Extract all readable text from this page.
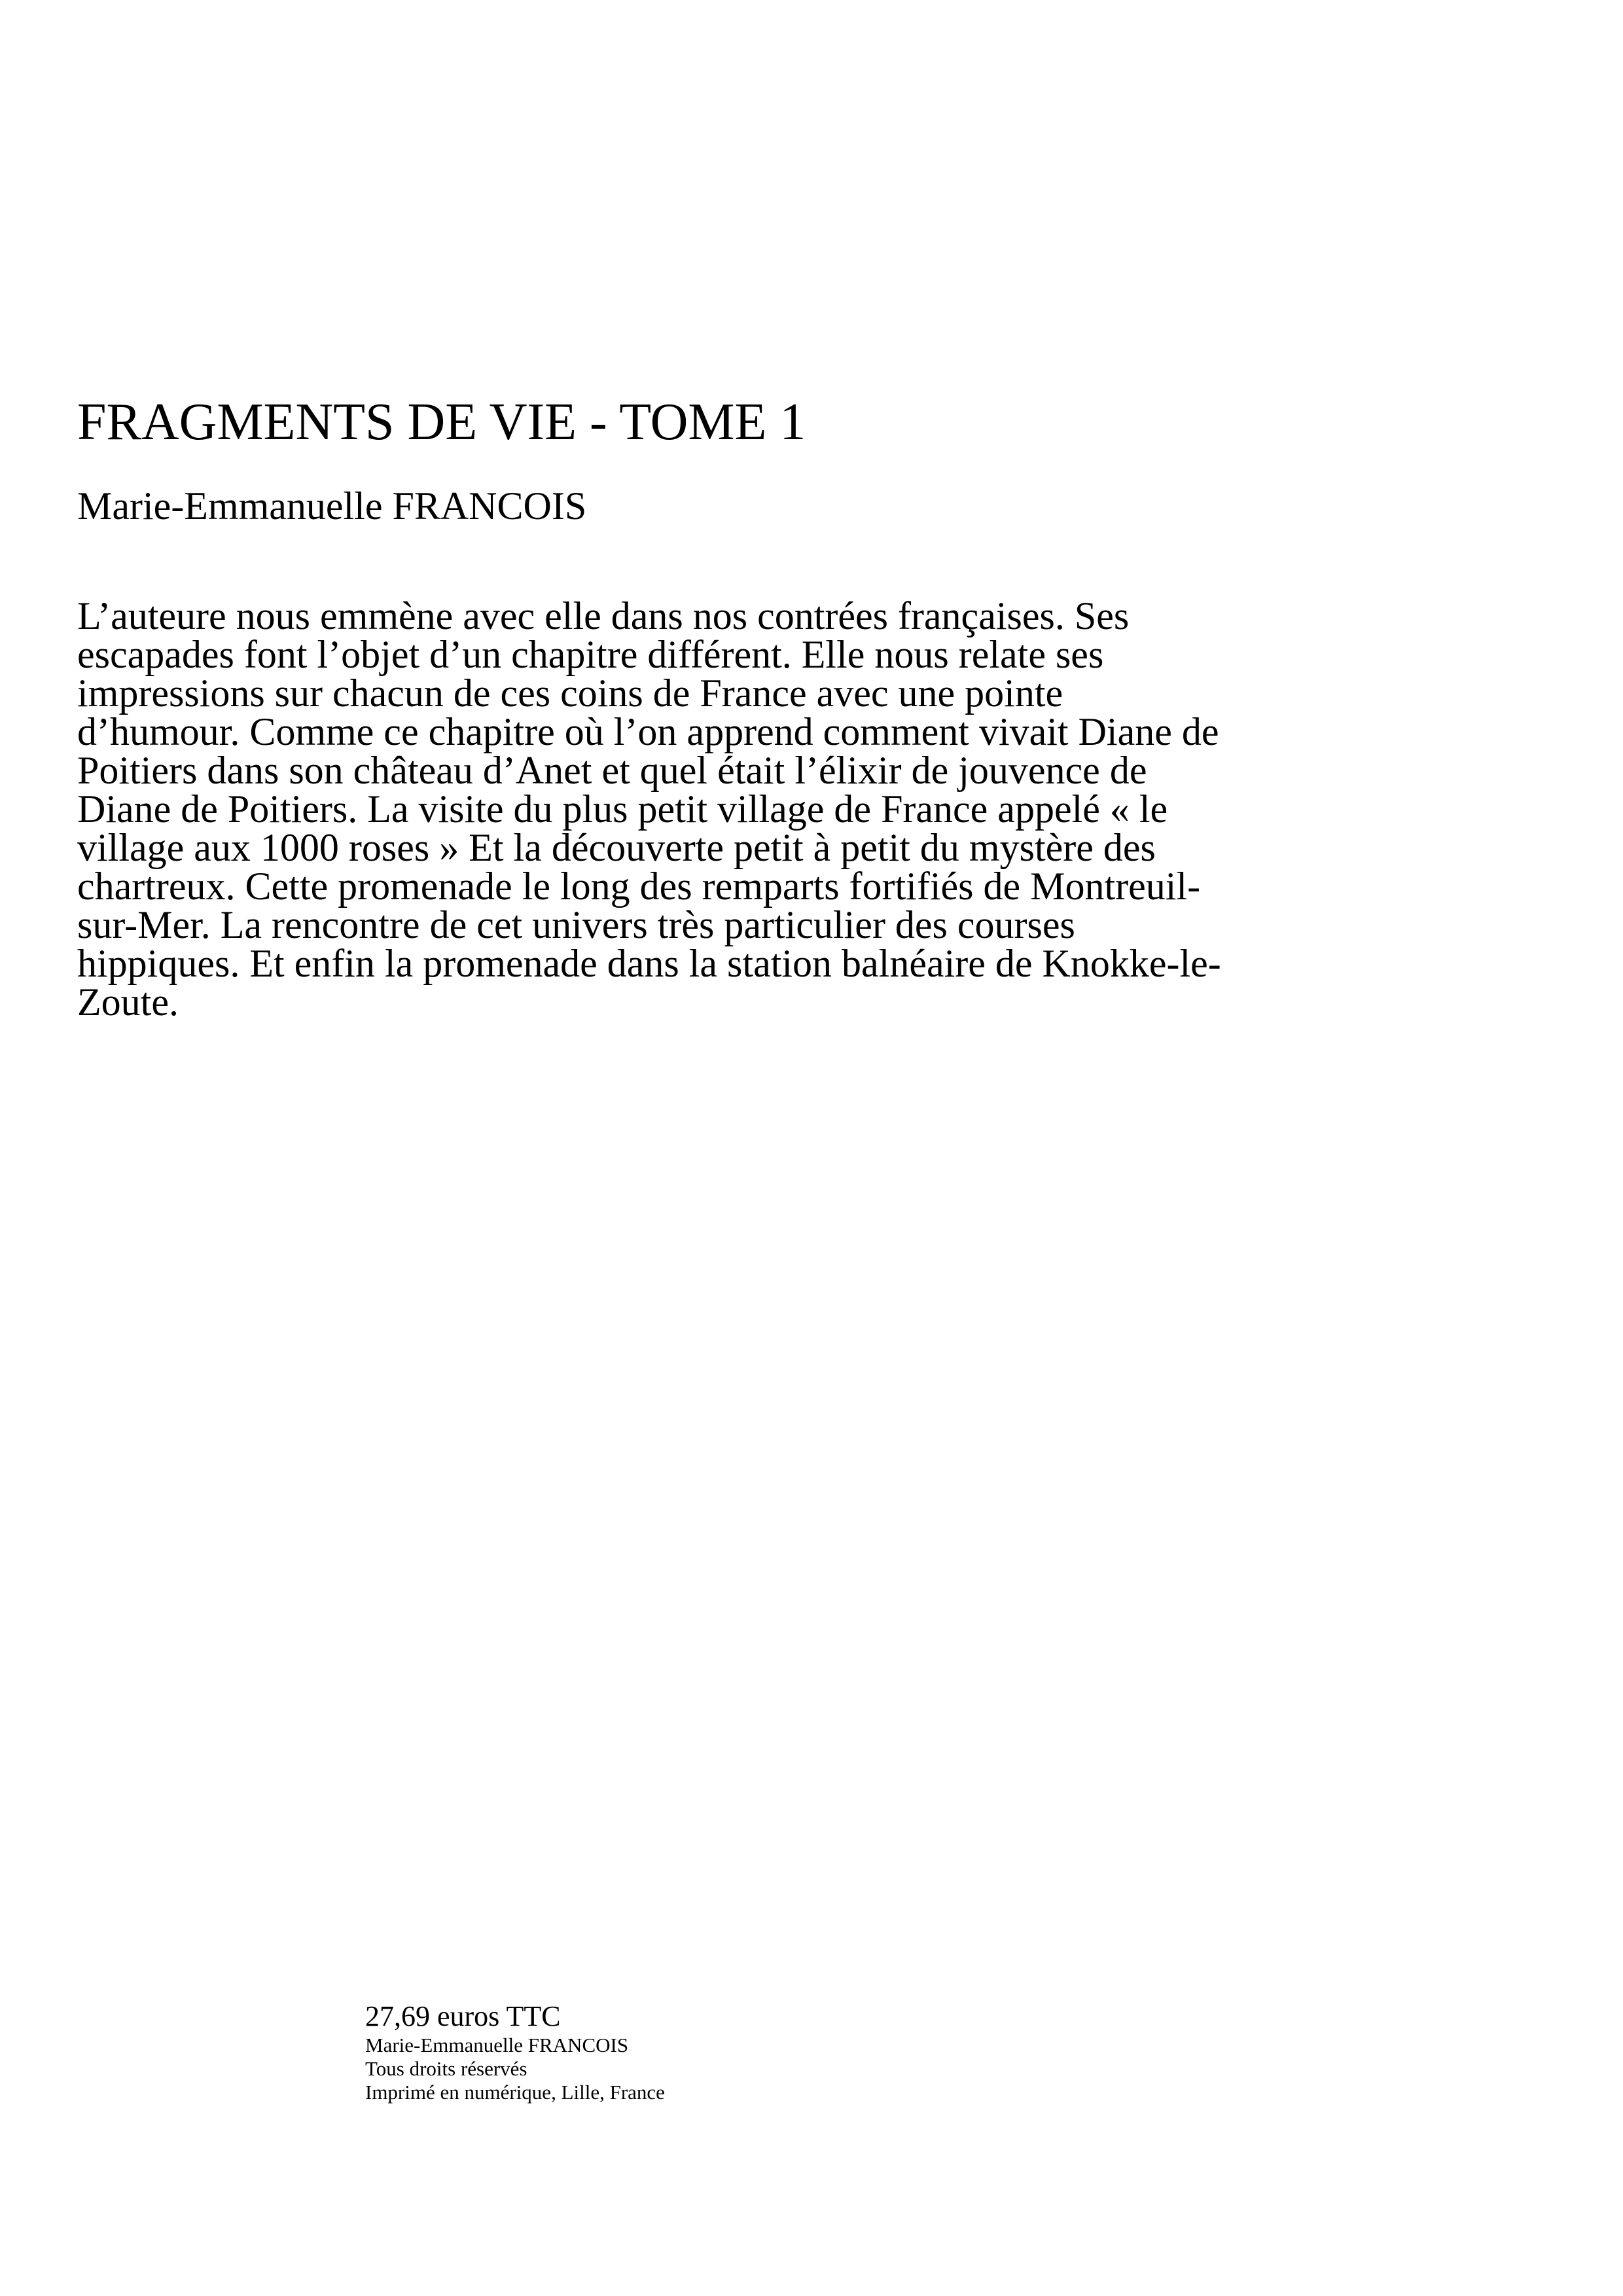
FRAGMENTS DE VIE - TOME 1
Marie-Emmanuelle FRANCOIS

L’auteure nous emmène avec elle dans nos contrées françaises. Ses escapades font l’objet d’un chapitre différent. Elle nous relate ses impressions sur chacun de ces coins de France avec une pointe d’humour. Comme ce chapitre où l’on apprend comment vivait Diane de Poitiers dans son château d’Anet et quel était l’élixir de jouvence de Diane de Poitiers. La visite du plus petit village de France appelé « le village aux 1000 roses » Et la découverte petit à petit du mystère des chartreux. Cette promenade le long des remparts fortifiés de Montreuil-sur-Mer. La rencontre de cet univers très particulier des courses hippiques. Et enfin la promenade dans la station balnéaire de Knokke-le-Zoute.

27,69 euros TTC

Marie-Emmanuelle FRANCOIS

Tous droits réservés

Imprimé en numérique, Lille, France
